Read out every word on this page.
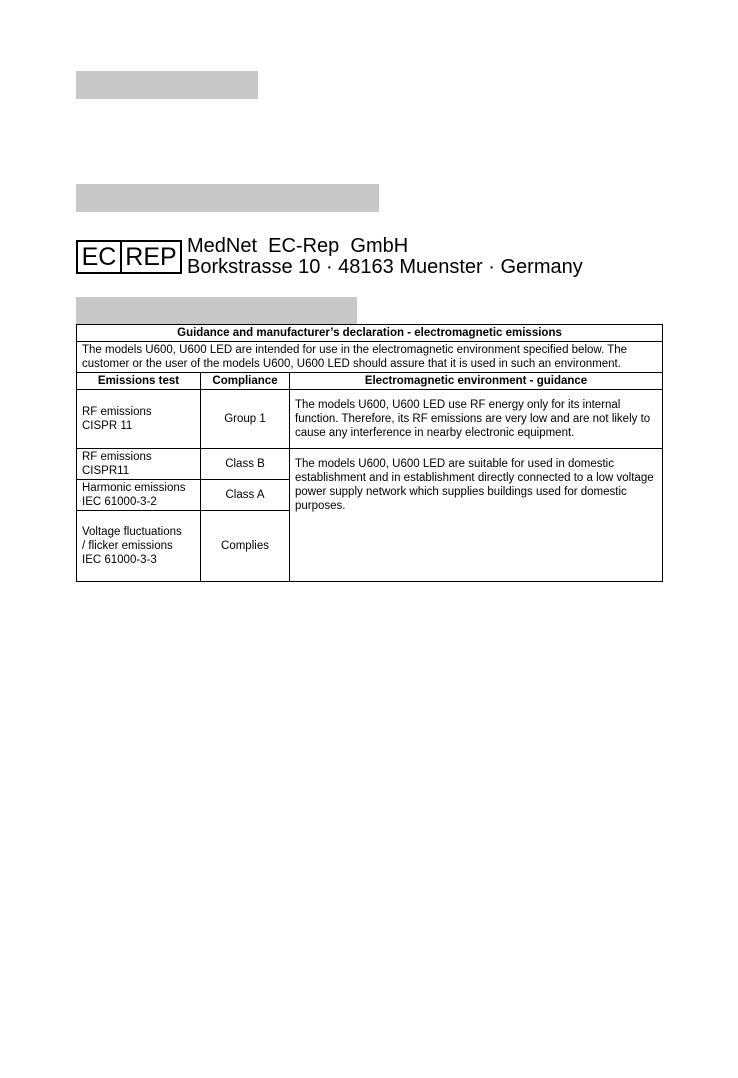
EC REP MedNet  EC-Rep  GmbH
Borkstrasse 10 · 48163 Muenster · Germany
Guidance and manufacturer’s declaration - electromagnetic emissions		
The models U600, U600 LED are intended for use in the electromagnetic environment specified below. The customer or the user of the models U600, U600 LED should assure that it is used in such an environment.		
Emissions test	Compliance	Electromagnetic environment - guidance
RF emissions
CISPR 11	Group 1	The models U600, U600 LED use RF energy only for its internal function. Therefore, its RF emissions are very low and are not likely to cause any interference in nearby electronic equipment.
RF emissions
CISPR11	Class B	The models U600, U600 LED are suitable for used in domestic establishment and in establishment directly connected to a low voltage power supply network which supplies buildings used for domestic purposes.
Harmonic emissions
IEC 61000-3-2	Class A	
Voltage fluctuations
/ flicker emissions
IEC 61000-3-3	Complies	
